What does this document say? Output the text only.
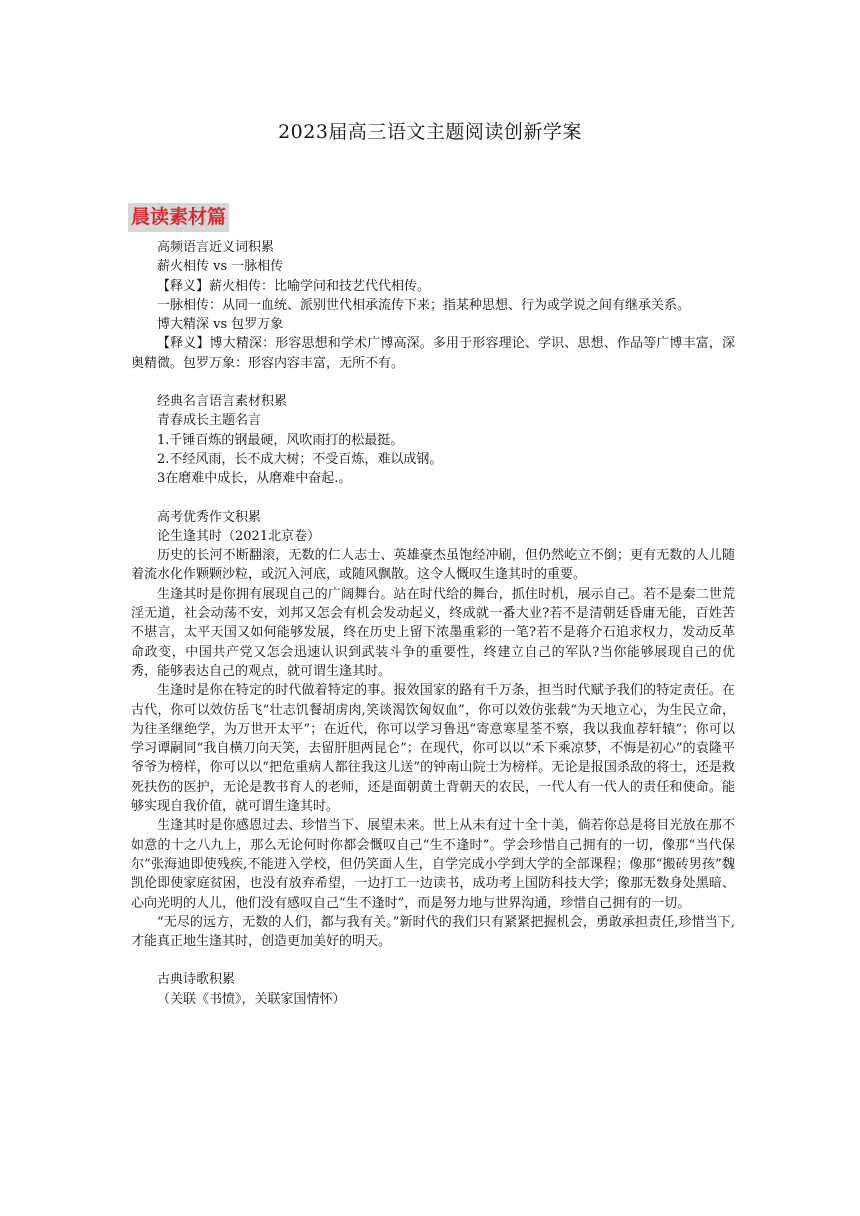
2023届高三语文主题阅读创新学案
晨读素材篇

高频语言近义词积累

薪火相传 vs 一脉相传

【释义】薪火相传：比喻学问和技艺代代相传。

一脉相传：从同一血统、派别世代相承流传下来；指某种思想、行为或学说之间有继承关系。

博大精深 vs 包罗万象

【释义】博大精深：形容思想和学术广博高深。多用于形容理论、学识、思想、作品等广博丰富，深奥精微。包罗万象：形容内容丰富，无所不有。

经典名言语言素材积累

青春成长主题名言

1.千锤百炼的钢最硬，风吹雨打的松最挺。

2.不经风雨，长不成大树；不受百炼，难以成钢。

3在磨难中成长，从磨难中奋起.。

高考优秀作文积累

论生逢其时（2021北京卷）

历史的长河不断翻滚，无数的仁人志士、英雄豪杰虽饱经冲刷，但仍然屹立不倒；更有无数的人儿随着流水化作颗颗沙粒，或沉入河底，或随风飘散。这令人慨叹生逢其时的重要。

生逢其时是你拥有展现自己的广阔舞台。站在时代给的舞台，抓住时机，展示自己。若不是秦二世荒淫无道，社会动荡不安，刘邦又怎会有机会发动起义，终成就一番大业?若不是清朝廷昏庸无能，百姓苦不堪言，太平天国又如何能够发展，终在历史上留下浓墨重彩的一笔?若不是蒋介石追求权力，发动反革命政变，中国共产党又怎会迅速认识到武装斗争的重要性，终建立自己的军队?当你能够展现自己的优秀，能够表达自己的观点，就可谓生逢其时。

生逢时是你在特定的时代做着特定的事。报效国家的路有千万条，担当时代赋予我们的特定责任。在古代，你可以效仿岳飞“壮志饥餐胡虏肉,笑谈渴饮匈奴血”，你可以效仿张载“为天地立心，为生民立命，为往圣继绝学，为万世开太平”；在近代，你可以学习鲁迅“寄意寒星荃不察，我以我血荐轩辕”；你可以学习谭嗣同“我自横刀向天笑，去留肝胆两昆仑”；在现代，你可以以“禾下乘凉梦，不悔是初心”的袁隆平爷爷为榜样，你可以以“把危重病人都往我这儿送”的钟南山院士为榜样。无论是报国杀敌的将士，还是救死扶伤的医护，无论是教书育人的老师，还是面朝黄土背朝天的农民，一代人有一代人的责任和使命。能够实现自我价值，就可谓生逢其时。

生逢其时是你感恩过去、珍惜当下、展望未来。世上从未有过十全十美，倘若你总是将目光放在那不如意的十之八九上，那么无论何时你都会慨叹自己“生不逢时”。学会珍惜自己拥有的一切，像那“当代保尔”张海迪即使残疾,不能进入学校，但仍笑面人生，自学完成小学到大学的全部课程；像那“搬砖男孩”魏凯伦即使家庭贫困，也没有放弃希望，一边打工一边读书，成功考上国防科技大学；像那无数身处黑暗、心向光明的人儿，他们没有感叹自己“生不逢时”，而是努力地与世界沟通，珍惜自己拥有的一切。

“无尽的远方，无数的人们，都与我有关。”新时代的我们只有紧紧把握机会，勇敢承担责任,珍惜当下,才能真正地生逢其时，创造更加美好的明天。

古典诗歌积累

（关联《书愤》，关联家国情怀）
